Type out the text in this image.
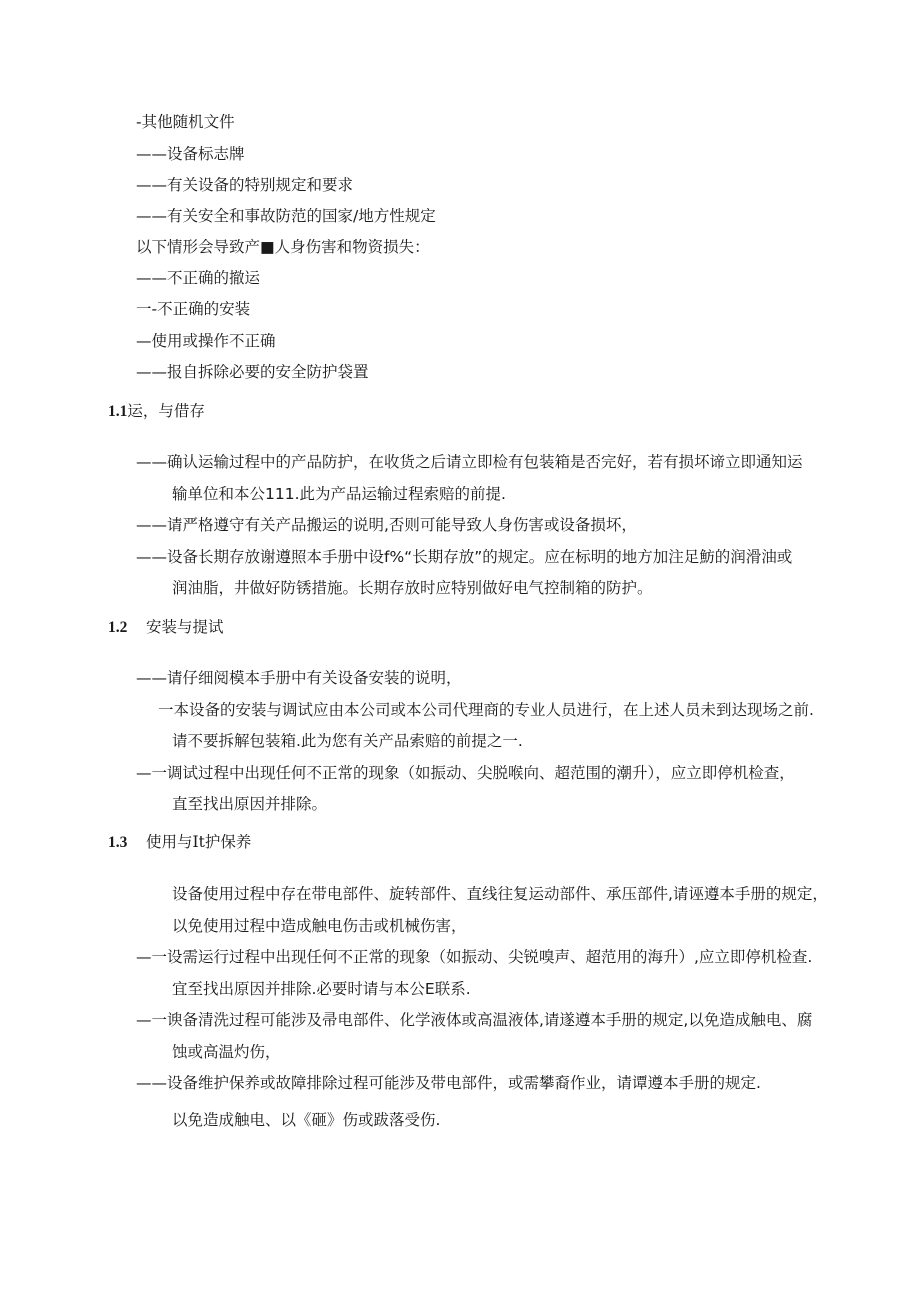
-其他随机文件
——设备标志牌
——有关设备的特别规定和要求
——有关安全和事故防范的国家/地方性规定
以下情形会导致产■人身伤害和物资损失：
——不正确的撤运
一-不正确的安装
—使用或操作不正确
——报自拆除必要的安全防护袋置
1.1运，与借存
——确认运输过程中的产品防护，在收货之后请立即检有包装箱是否完好，若有损坏谛立即通知运
输单位和本公111.此为产品运输过程索赔的前提.
——请严格遵守有关产品搬运的说明,否则可能导致人身伤害或设备损坏，
——设备长期存放谢遵照本手册中设f%“长期存放”的规定。应在标明的地方加注足魴的润滑油或
润油脂，井做好防锈措施。长期存放时应特别做好电气控制箱的防护。
1.2 安装与提试
——请仔细阅模本手册中有关设备安装的说明，
一本设备的安装与调试应由本公司或本公司代理商的专业人员进行，在上述人员未到达现场之前.
请不要拆解包装箱.此为您有关产品索赔的前提之一.
—一调试过程中出现任何不正常的现象（如振动、尖脱喉向、超范围的潮升），应立即停机检查，
直至找出原因并排除。
1.3 使用与It护保养
设备使用过程中存在带电部件、旋转部件、直线往复运动部件、承压部件,请诬遵本手册的规定，
以免使用过程中造成触电伤击或机械伤害，
—一设需运行过程中出现任何不正常的现象（如振动、尖锐嗅声、超范用的海升）,应立即停机检查.
宜至找出原因并排除.必要时请与本公E联系.
—一谀备清洗过程可能涉及帚电部件、化学液体或高温液体,请遂遵本手册的规定,以免造成触电、腐
蚀或高温灼伤，
——设备维护保养或故障排除过程可能涉及带电部件，或需攀裔作业，请谭遵本手册的规定.
以免造成触电、以《砸》伤或跋落受伤.
